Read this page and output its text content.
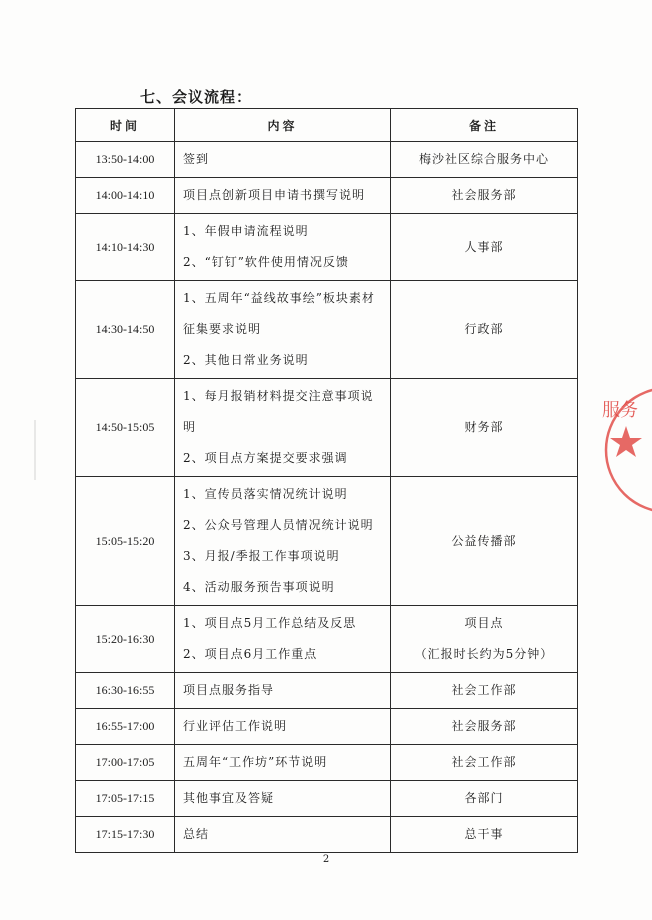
七、会议流程：
时间	内容	备注
13:50-14:00	签到	梅沙社区综合服务中心

14:00-14:10	项目点创新项目申请书撰写说明	社会服务部

14:10-14:30	1、年假申请流程说明
2、“钉钉”软件使用情况反馈	人事部

14:30-14:50	1、五周年“益线故事绘”板块素材
征集要求说明
2、其他日常业务说明	行政部

14:50-15:05	1、每月报销材料提交注意事项说明
2、项目点方案提交要求强调	财务部

15:05-15:20	1、宣传员落实情况统计说明
2、公众号管理人员情况统计说明
3、月报/季报工作事项说明
4、活动服务预告事项说明	公益传播部

15:20-16:30	1、项目点5月工作总结及反思
2、项目点6月工作重点	项目点
（汇报时长约为5分钟）

16:30-16:55	项目点服务指导	社会工作部

16:55-17:00	行业评估工作说明	社会服务部

17:00-17:05	五周年“工作坊”环节说明	社会工作部

17:05-17:15	其他事宜及答疑	各部门

17:15-17:30	总结	总干事
服务
2
